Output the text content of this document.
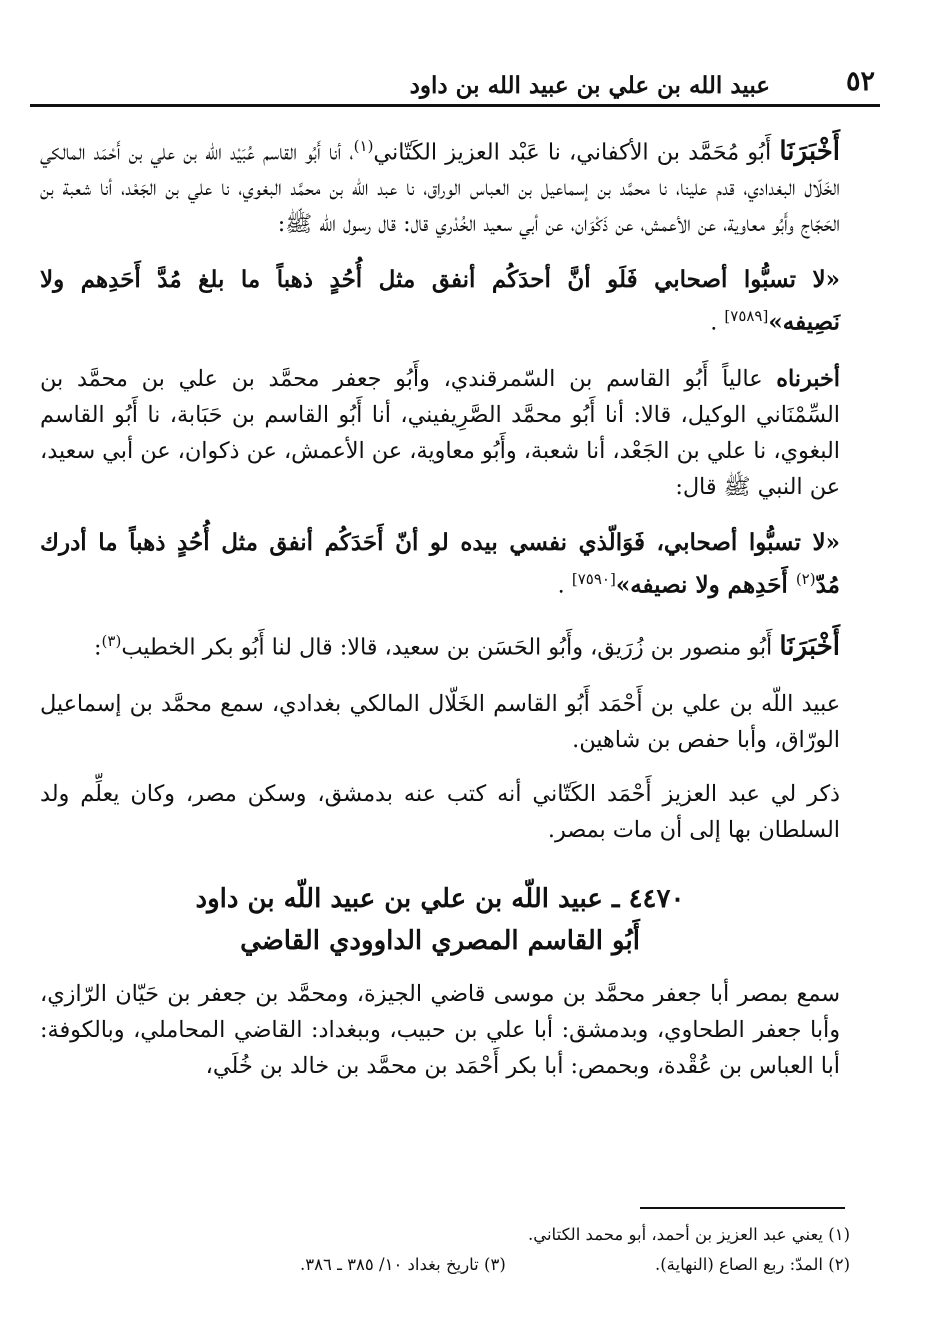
عبيد الله بن علي بن عبيد الله بن داود	٥٢

أَخْبَرَنَا أَبُو مُحَمَّد بن الأكفاني، نا عَبْد العزيز الكَتّاني$^{(١)}$، أنا أَبُو القاسم عُبَيْد اللّه بن علي بن أَحْمَد المالكي الخَلّال البغدادي، قدم علينا، نا محمَّد بن إسماعيل بن العباس الوراق، نا عبد اللّه بن محمَّد البغوي، نا علي بن الجَعْد، أنا شعبة بن الحَجّاج وأَبُو معاوية، عن الأعمش، عن ذَكْوَان، عن أبي سعيد الخُدْري قال: قال رسول الله ﷺ:

«لا تسبُّوا أصحابي فَلَو أنَّ أحدَكُم أنفق مثل أُحُدٍ ذهباً ما بلغ مُدَّ أَحَدِهم ولا نَصِيفه»[٧٥٨٩] .

أخبرناه عالياً أَبُو القاسم بن السّمرقندي، وأَبُو جعفر محمَّد بن علي بن محمَّد بن السِّمْنَاني الوكيل، قالا: أنا أَبُو محمَّد الصَّرِيفيني، أنا أَبُو القاسم بن حَبَابة، نا أَبُو القاسم البغوي، نا علي بن الجَعْد، أنا شعبة، وأَبُو معاوية، عن الأعمش، عن ذكوان، عن أبي سعيد، عن النبي ﷺ قال:

«لا تسبُّوا أصحابي، فَوَالّذي نفسي بيده لو أنّ أَحَدَكُم أنفق مثل أُحُدٍ ذهباً ما أدرك مُدّ$^{(٢)}$ أَحَدِهم ولا نصيفه»[٧٥٩٠] .

أَخْبَرَنَا أَبُو منصور بن زُرَيق، وأَبُو الحَسَن بن سعيد، قالا: قال لنا أَبُو بكر الخطيب$^{(٣)}$:

عبيد اللّه بن علي بن أَحْمَد أَبُو القاسم الخَلّال المالكي بغدادي، سمع محمَّد بن إسماعيل الورّاق، وأبا حفص بن شاهين.

ذكر لي عبد العزيز أَحْمَد الكَتّاني أنه كتب عنه بدمشق، وسكن مصر، وكان يعلِّم ولد السلطان بها إلى أن مات بمصر.

٤٤٧٠ ـ عبيد اللّه بن علي بن عبيد اللّه بن داود
أَبُو القاسم المصري الداوودي القاضي

سمع بمصر أبا جعفر محمَّد بن موسى قاضي الجيزة، ومحمَّد بن جعفر بن حَيّان الرّازي، وأبا جعفر الطحاوي، وبدمشق: أبا علي بن حبيب، وببغداد: القاضي المحاملي، وبالكوفة: أبا العباس بن عُقْدة، وبحمص: أبا بكر أَحْمَد بن محمَّد بن خالد بن خُلَي،

(١) يعني عبد العزيز بن أحمد، أبو محمد الكتاني.
(٢) المدّ: ربع الصاع (النهاية).
(٣) تاريخ بغداد ١٠/ ٣٨٥ ـ ٣٨٦.
